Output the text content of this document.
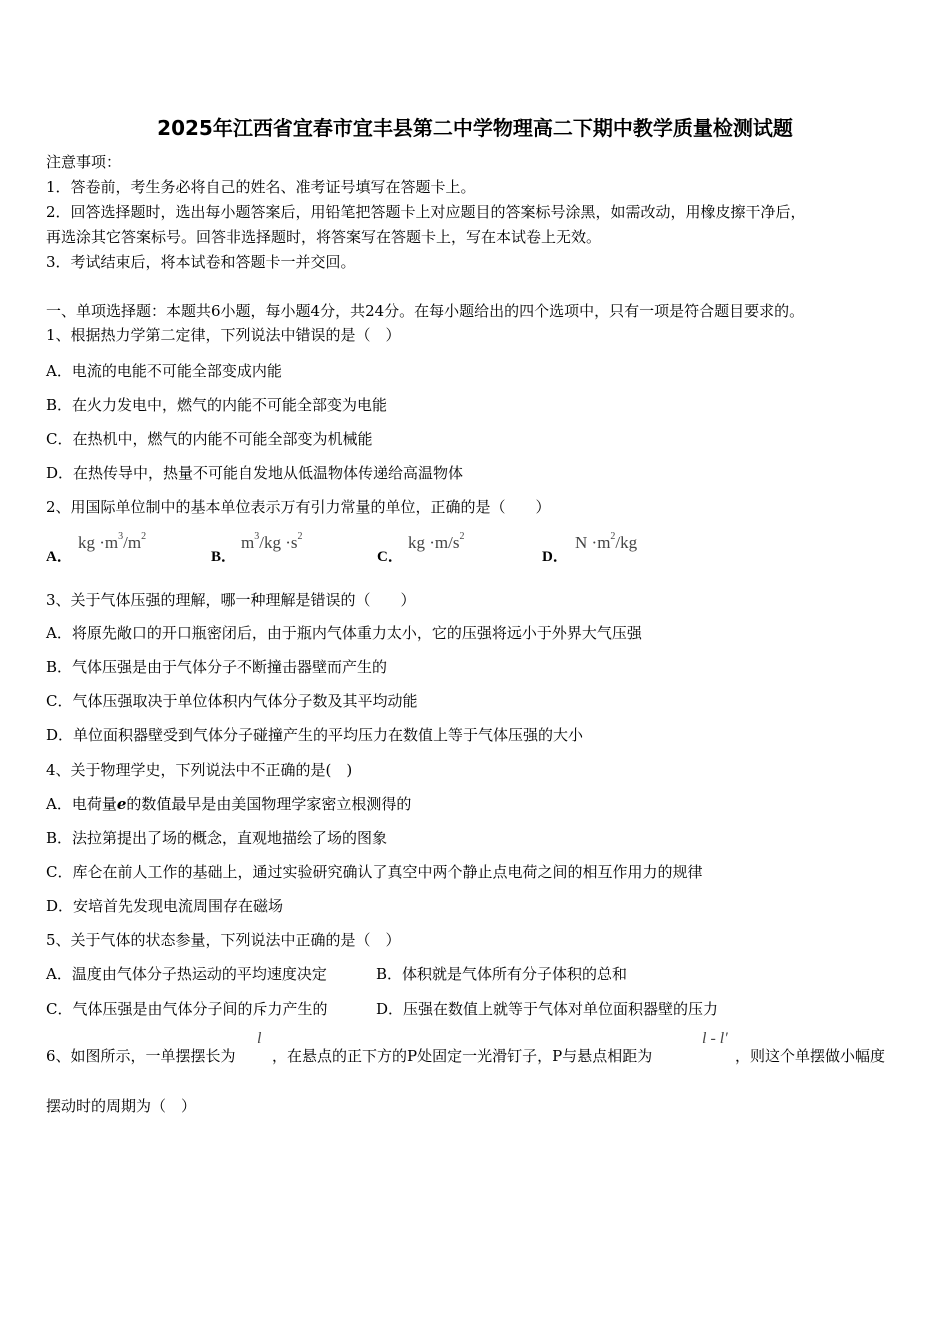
2025年江西省宜春市宜丰县第二中学物理高二下期中教学质量检测试题
注意事项：
1．答卷前，考生务必将自己的姓名、准考证号填写在答题卡上。
2．回答选择题时，选出每小题答案后，用铅笔把答题卡上对应题目的答案标号涂黑，如需改动，用橡皮擦干净后，
再选涂其它答案标号。回答非选择题时，将答案写在答题卡上，写在本试卷上无效。
3．考试结束后，将本试卷和答题卡一并交回。
一、单项选择题：本题共6小题，每小题4分，共24分。在每小题给出的四个选项中，只有一项是符合题目要求的。
1、根据热力学第二定律，下列说法中错误的是（　）
A．电流的电能不可能全部变成内能
B．在火力发电中，燃气的内能不可能全部变为电能
C．在热机中，燃气的内能不可能全部变为机械能
D．在热传导中，热量不可能自发地从低温物体传递给高温物体
2、用国际单位制中的基本单位表示万有引力常量的单位，正确的是（　　）
A．
kg $\cdot m^3/m^2$
B．
$m^3/kg \cdot s^2$
C．
kg $\cdot m/s^2$
D．
$N \cdot m^2/kg$
3、关于气体压强的理解，哪一种理解是错误的（　　）
A．将原先敞口的开口瓶密闭后，由于瓶内气体重力太小，它的压强将远小于外界大气压强
B．气体压强是由于气体分子不断撞击器壁而产生的
C．气体压强取决于单位体积内气体分子数及其平均动能
D．单位面积器壁受到气体分子碰撞产生的平均压力在数值上等于气体压强的大小
4、关于物理学史，下列说法中不正确的是(　)
A．电荷量e的数值最早是由美国物理学家密立根测得的
B．法拉第提出了场的概念，直观地描绘了场的图象
C．库仑在前人工作的基础上，通过实验研究确认了真空中两个静止点电荷之间的相互作用力的规律
D．安培首先发现电流周围存在磁场
5、关于气体的状态参量，下列说法中正确的是（　）
A．温度由气体分子热运动的平均速度决定	B．体积就是气体所有分子体积的总和
C．气体压强是由气体分子间的斥力产生的	D．压强在数值上就等于气体对单位面积器壁的压力
6、如图所示，一单摆摆长为
l
，在悬点的正下方的P处固定一光滑钉子，P与悬点相距为
l - l′
，则这个单摆做小幅度
摆动时的周期为（　）
